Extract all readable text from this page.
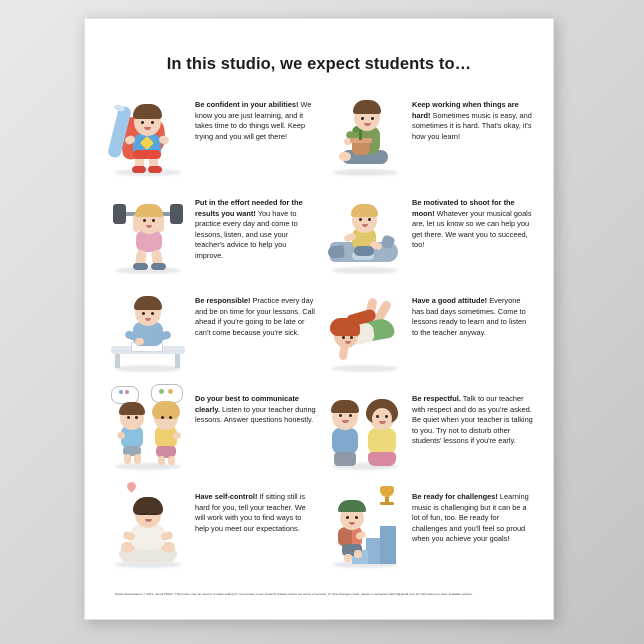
In this studio, we expect students to…
Be confident in your abilities! We know you are just learning, and it takes time to do things well. Keep trying and you will get there!
Keep working when things are hard! Sometimes music is easy, and sometimes it is hard. That's okay, it's how you learn!
Put in the effort needed for the results you want! You have to practice every day and come to lessons, listen, and use your teacher's advice to help you improve.
Be motivated to shoot for the moon! Whatever your musical goals are, let us know so we can help you get there. We want you to succeed, too!
Be responsible! Practice every day and be on time for your lessons. Call ahead if you're going to be late or can't come because you're sick.
Have a good attitude! Everyone has bad days sometimes. Come to lessons ready to learn and to listen to the teacher anyway.
Do your best to communicate clearly. Listen to your teacher during lessons. Answer questions honestly.
Be respectful. Talk to our teacher with respect and do as you're asked. Be quiet when your teacher is talking to you. Try not to disturb other students' lessons if you're early.
Have self-control! If sitting still is hard for you, tell your teacher. We will work with you to find ways to help you meet our expectations.
Be ready for challenges! Learning music is challenging but it can be a lot of fun, too. Be ready for challenges and you'll feel so proud when you achieve your goals!
Studio Expectations © 2021, Jenna Hilbert. This poster may be used in a studio setting for solo private music students (please review our terms of service). To view changes made, please e-mail jenna.wilbert@gmail.com for information on other available options.
